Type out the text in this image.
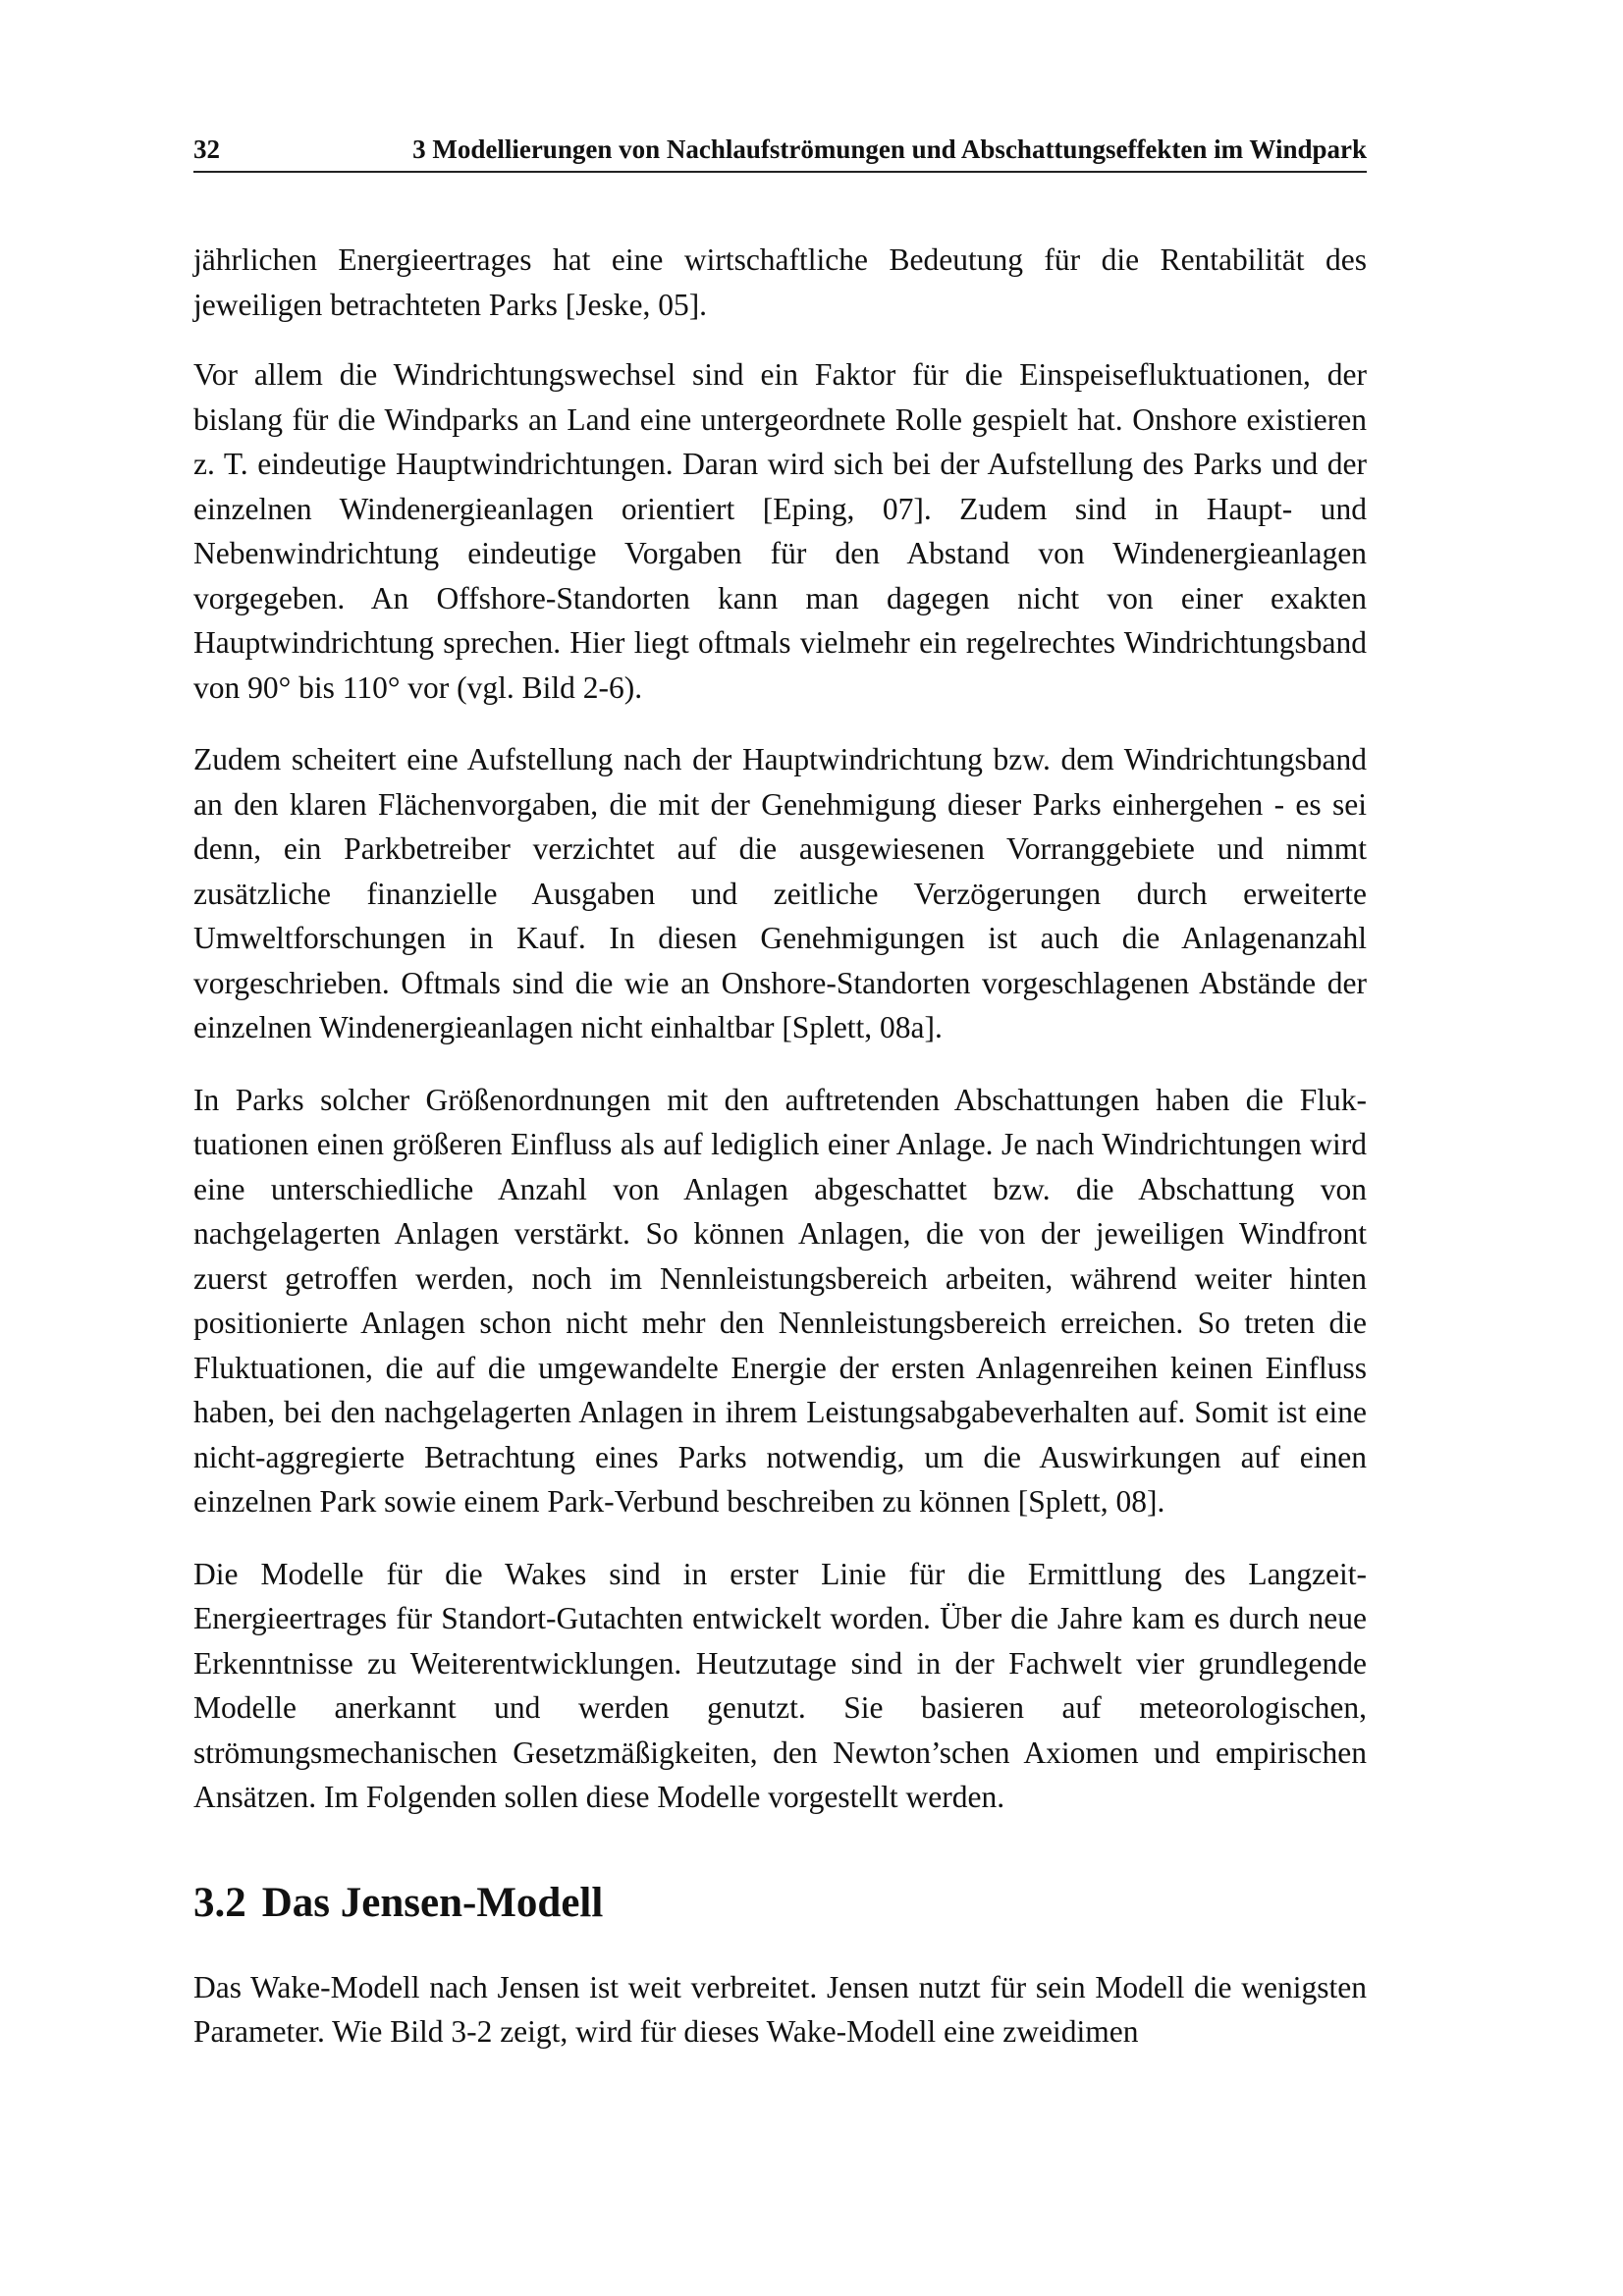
32	3 Modellierungen von Nachlaufströmungen und Abschattungseffekten im Windpark

jährlichen Energieertrages hat eine wirtschaftliche Bedeutung für die Rentabilität des jeweiligen betrachteten Parks [Jeske, 05].

Vor allem die Windrichtungswechsel sind ein Faktor für die Einspeisefluktuationen, der bislang für die Windparks an Land eine untergeordnete Rolle gespielt hat. Onshore existieren z. T. eindeutige Hauptwindrichtungen. Daran wird sich bei der Aufstellung des Parks und der einzelnen Windenergieanlagen orientiert [Eping, 07]. Zudem sind in Haupt- und Nebenwindrichtung eindeutige Vorgaben für den Abstand von Windenergieanlagen vorgegeben. An Offshore-Standorten kann man dagegen nicht von einer exakten Hauptwindrichtung sprechen. Hier liegt oftmals vielmehr ein regelrechtes Windrichtungsband von 90° bis 110° vor (vgl. Bild 2-6).

Zudem scheitert eine Aufstellung nach der Hauptwindrichtung bzw. dem Windrichtungsband an den klaren Flächenvorgaben, die mit der Genehmigung dieser Parks einhergehen - es sei denn, ein Parkbetreiber verzichtet auf die ausgewiesenen Vorranggebiete und nimmt zusätzliche finanzielle Ausgaben und zeitliche Verzögerungen durch erweiterte Umweltforschungen in Kauf. In diesen Genehmigungen ist auch die Anlagenanzahl vorgeschrieben. Oftmals sind die wie an Onshore-Standorten vorgeschlagenen Abstände der einzelnen Windenergieanlagen nicht einhaltbar [Splett, 08a].

In Parks solcher Größenordnungen mit den auftretenden Abschattungen haben die Fluktuationen einen größeren Einfluss als auf lediglich einer Anlage. Je nach Windrichtungen wird eine unterschiedliche Anzahl von Anlagen abgeschattet bzw. die Abschattung von nachgelagerten Anlagen verstärkt. So können Anlagen, die von der jeweiligen Windfront zuerst getroffen werden, noch im Nennleistungsbereich arbeiten, während weiter hinten positionierte Anlagen schon nicht mehr den Nennleistungsbereich erreichen. So treten die Fluktuationen, die auf die umgewandelte Energie der ersten Anlagenreihen keinen Einfluss haben, bei den nachgelagerten Anlagen in ihrem Leistungsabgabeverhalten auf. Somit ist eine nicht-aggregierte Betrachtung eines Parks notwendig, um die Auswirkungen auf einen einzelnen Park sowie einem Park-Verbund beschreiben zu können [Splett, 08].

Die Modelle für die Wakes sind in erster Linie für die Ermittlung des Langzeit-Energieertrages für Standort-Gutachten entwickelt worden. Über die Jahre kam es durch neue Erkenntnisse zu Weiterentwicklungen. Heutzutage sind in der Fachwelt vier grundlegende Modelle anerkannt und werden genutzt. Sie basieren auf meteorologischen, strömungsmechanischen Gesetzmäßigkeiten, den Newton’schen Axiomen und empirischen Ansätzen. Im Folgenden sollen diese Modelle vorgestellt werden.

3.2 Das Jensen-Modell

Das Wake-Modell nach Jensen ist weit verbreitet. Jensen nutzt für sein Modell die wenigsten Parameter. Wie Bild 3-2 zeigt, wird für dieses Wake-Modell eine zweidimen
